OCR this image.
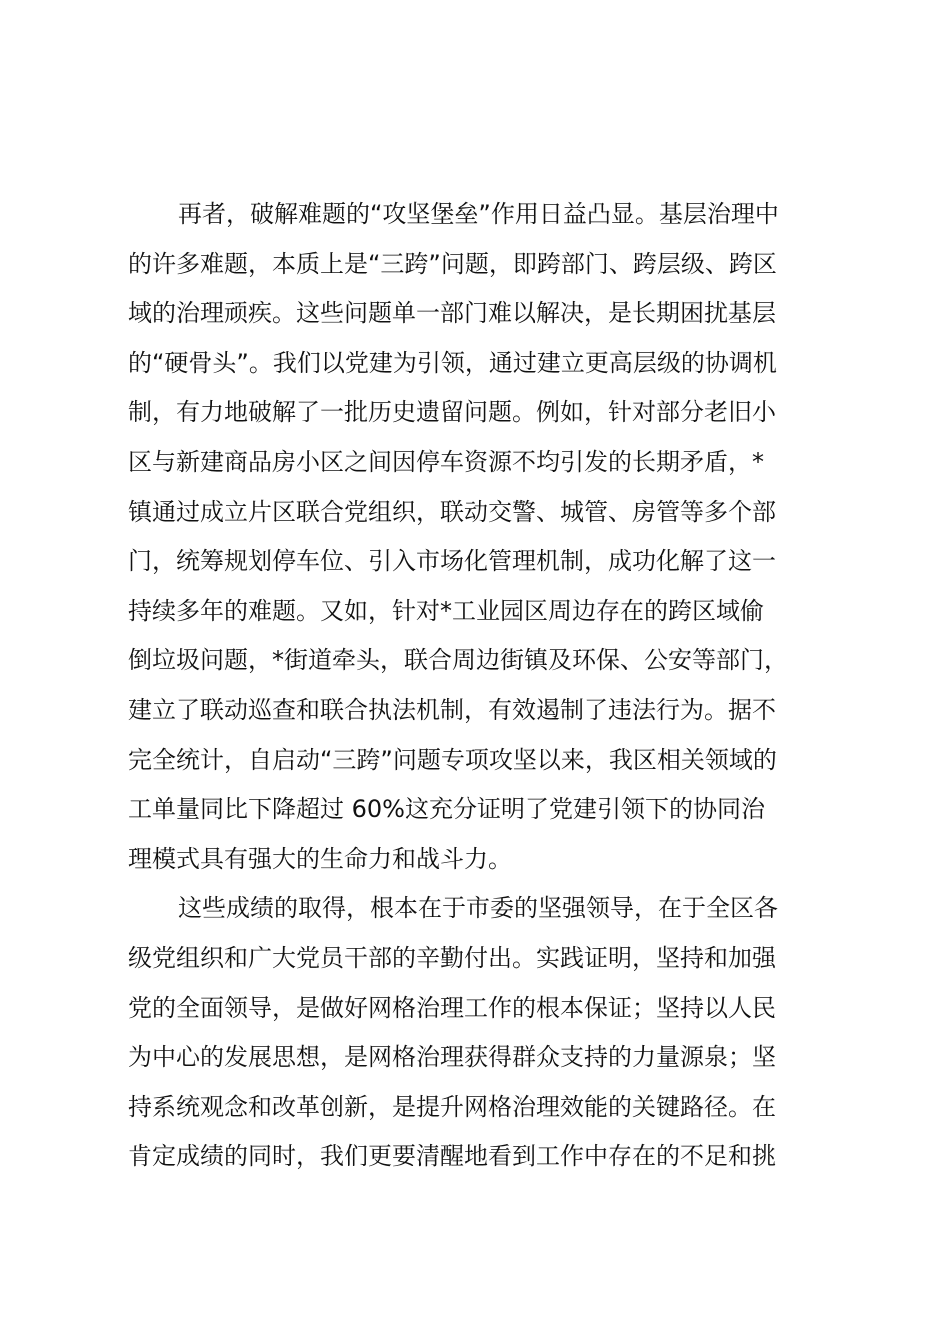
再者，破解难题的“攻坚堡垒”作用日益凸显。基层治理中
的许多难题，本质上是“三跨”问题，即跨部门、跨层级、跨区
域的治理顽疾。这些问题单一部门难以解决，是长期困扰基层
的“硬骨头”。我们以党建为引领，通过建立更高层级的协调机
制，有力地破解了一批历史遗留问题。例如，针对部分老旧小
区与新建商品房小区之间因停车资源不均引发的长期矛盾，*
镇通过成立片区联合党组织，联动交警、城管、房管等多个部
门，统筹规划停车位、引入市场化管理机制，成功化解了这一
持续多年的难题。又如，针对*工业园区周边存在的跨区域偷
倒垃圾问题，*街道牵头，联合周边街镇及环保、公安等部门，
建立了联动巡查和联合执法机制，有效遏制了违法行为。据不
完全统计，自启动“三跨”问题专项攻坚以来，我区相关领域的
工单量同比下降超过 60%这充分证明了党建引领下的协同治
理模式具有强大的生命力和战斗力。
这些成绩的取得，根本在于市委的坚强领导，在于全区各
级党组织和广大党员干部的辛勤付出。实践证明，坚持和加强
党的全面领导，是做好网格治理工作的根本保证；坚持以人民
为中心的发展思想，是网格治理获得群众支持的力量源泉；坚
持系统观念和改革创新，是提升网格治理效能的关键路径。在
肯定成绩的同时，我们更要清醒地看到工作中存在的不足和挑
